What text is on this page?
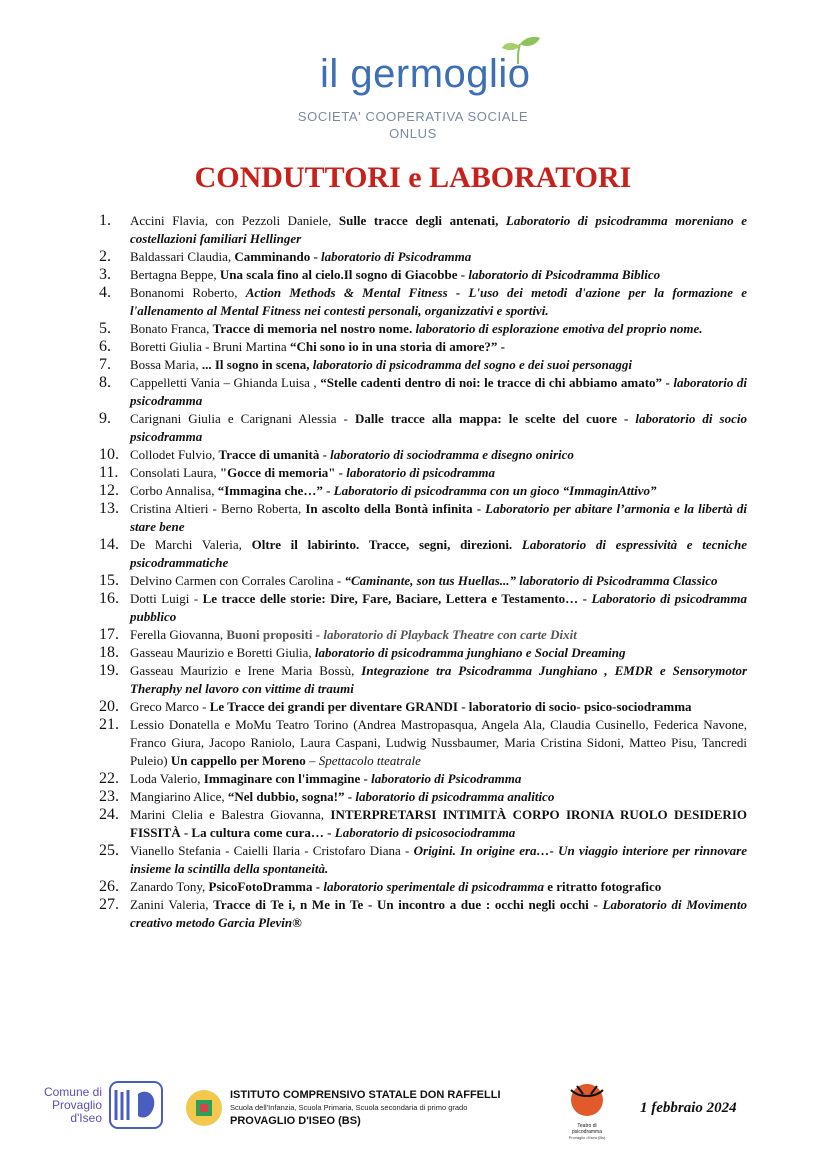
il germoglio
SOCIETA' COOPERATIVA SOCIALE
ONLUS
CONDUTTORI e LABORATORI
1.	Accini Flavia, con Pezzoli Daniele, Sulle tracce degli antenati, Laboratorio di psicodramma moreniano e costellazioni familiari Hellinger
2.	Baldassari Claudia, Camminando - laboratorio di Psicodramma
3.	Bertagna Beppe, Una scala fino al cielo.Il sogno di Giacobbe - laboratorio di Psicodramma Biblico
4.	Bonanomi Roberto, Action Methods & Mental Fitness - L'uso dei metodi d'azione per la formazione e l'allenamento al Mental Fitness nei contesti personali, organizzativi e sportivi.
5.	Bonato Franca, Tracce di memoria nel nostro nome. laboratorio di esplorazione emotiva del proprio nome.
6.	Boretti Giulia - Bruni Martina “Chi sono io in una storia di amore?” -
7.	Bossa Maria, ... Il sogno in scena, laboratorio di psicodramma del sogno e dei suoi personaggi
8.	Cappelletti Vania – Ghianda Luisa , “Stelle cadenti dentro di noi: le tracce di chi abbiamo amato” - laboratorio di psicodramma
9.	Carignani Giulia e Carignani Alessia - Dalle tracce alla mappa: le scelte del cuore - laboratorio di socio psicodramma
10. Collodet Fulvio, Tracce di umanità - laboratorio di sociodramma e disegno onirico
11. Consolati Laura, "Gocce di memoria" - laboratorio di psicodramma
12. Corbo Annalisa, “Immagina che…” - Laboratorio di psicodramma con un gioco “ImmaginAttivo”
13. Cristina Altieri - Berno Roberta, In ascolto della Bontà infinita - Laboratorio per abitare l’armonia e la libertà di stare bene
14. De Marchi Valeria, Oltre il labirinto. Tracce, segni, direzioni. Laboratorio di espressività e tecniche psicodrammatiche
15. Delvino Carmen con Corrales Carolina - “Caminante, son tus Huellas...” laboratorio di Psicodramma Classico
16. Dotti Luigi - Le tracce delle storie: Dire, Fare, Baciare, Lettera e Testamento… - Laboratorio di psicodramma pubblico
17. Ferella Giovanna, Buoni propositi - laboratorio di Playback Theatre con carte Dixit
18. Gasseau Maurizio e Boretti Giulia, laboratorio di psicodramma junghiano e Social Dreaming
19. Gasseau Maurizio e Irene Maria Bossù, Integrazione tra Psicodramma Junghiano , EMDR e Sensorymotor Theraphy nel lavoro con vittime di traumi
20. Greco Marco - Le Tracce dei grandi per diventare GRANDI - laboratorio di socio- psico-sociodramma
21. Lessio Donatella e MoMu Teatro Torino (Andrea Mastropasqua, Angela Ala, Claudia Cusinello, Federica Navone, Franco Giura, Jacopo Raniolo, Laura Caspani, Ludwig Nussbaumer, Maria Cristina Sidoni, Matteo Pisu, Tancredi Puleio) Un cappello per Moreno – Spettacolo tteatrale
22. Loda Valerio, Immaginare con l'immagine - laboratorio di Psicodramma
23. Mangiarino Alice, “Nel dubbio, sogna!” - laboratorio di psicodramma analitico
24. Marini Clelia e Balestra Giovanna, INTERPRETARSI INTIMITÀ CORPO IRONIA RUOLO DESIDERIO FISSITÀ - La cultura come cura… - Laboratorio di psicosociodramma
25. Vianello Stefania - Caielli Ilaria - Cristofaro Diana - Origini. In origine era…- Un viaggio interiore per rinnovare insieme la scintilla della spontaneità.
26. Zanardo Tony, PsicoFotoDramma - laboratorio sperimentale di psicodramma e ritratto fotografico
27. Zanini Valeria, Tracce di Te i, n Me in Te - Un incontro a due : occhi negli occhi - Laboratorio di Movimento creativo metodo Garcia Plevin®
Comune di
Provaglio
d'Iseo
ISTITUTO COMPRENSIVO STATALE DON RAFFELLI
Scuola dell'Infanzia, Scuola Primaria, Scuola secondaria di primo grado
PROVAGLIO D'ISEO (BS)	Teatro di psicodramma
Provaglio d'Iseo (Bs)
1 febbraio 2024
